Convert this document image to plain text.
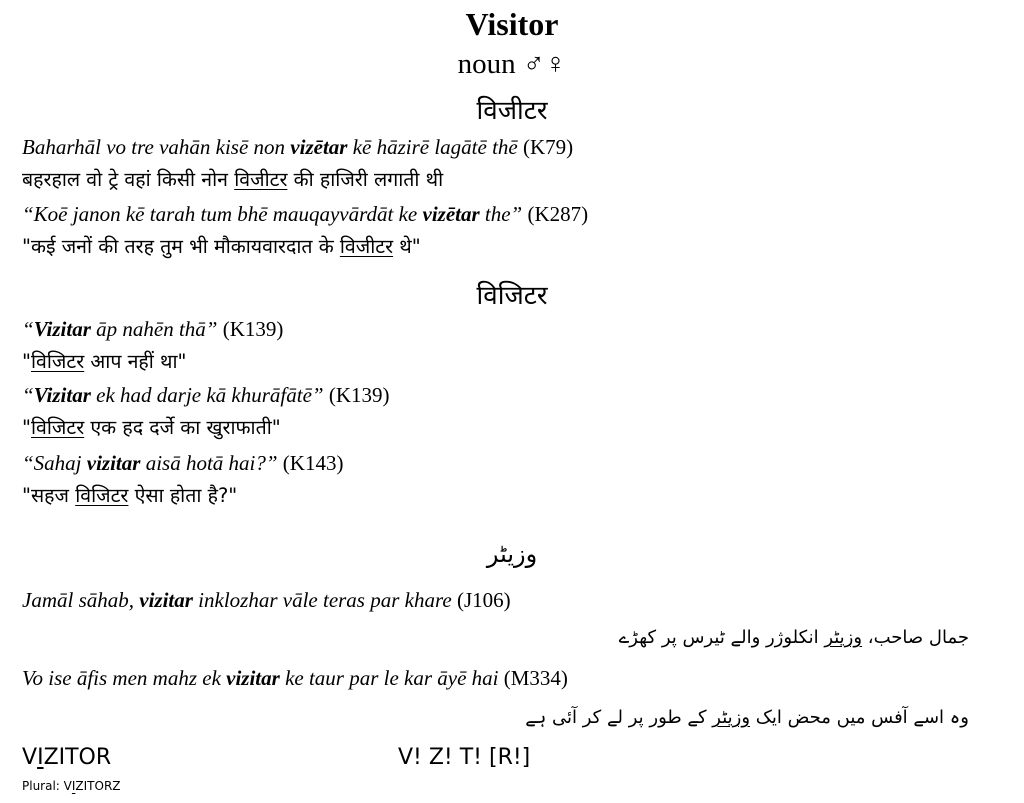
Visitor
noun ♂♀
विजीटर
Baharhāl vo tre vahān kisē non vizētar kē hāzirē lagātē thē (K79)
बहरहाल वो ट्रे वहां किसी नोन विजीटर की हाजिरी लगाती थी
“Koē janon kē tarah tum bhē mauqayvārdāt ke vizētar the” (K287)
"कई जनों की तरह तुम भी मौकायवारदात के विजीटर थे"
विजिटर
“Vizitar āp nahēn thā” (K139)
"विजिटर आप नहीं था"
“Vizitar ek had darje kā khurāfātē” (K139)
"विजिटर एक हद दर्जे का खुराफाती"
“Sahaj vizitar aisā hotā hai?” (K143)
"सहज विजिटर ऐसा होता है?"
وزیٹر
Jamāl sāhab, vizitar inklozhar vāle teras par khare (J106)
جمال صاحب، وزیٹر انکلوژر والے ٹیرس پر کھڑے
Vo ise āfis men mahz ek vizitar ke taur par le kar āyē hai (M334)
وہ اسے آفس میں محض ایک وزیٹر کے طور پر لے کر آئی ہے
VIZITOR	V! Z! T! [R!]
Plural: VIZITORZ
